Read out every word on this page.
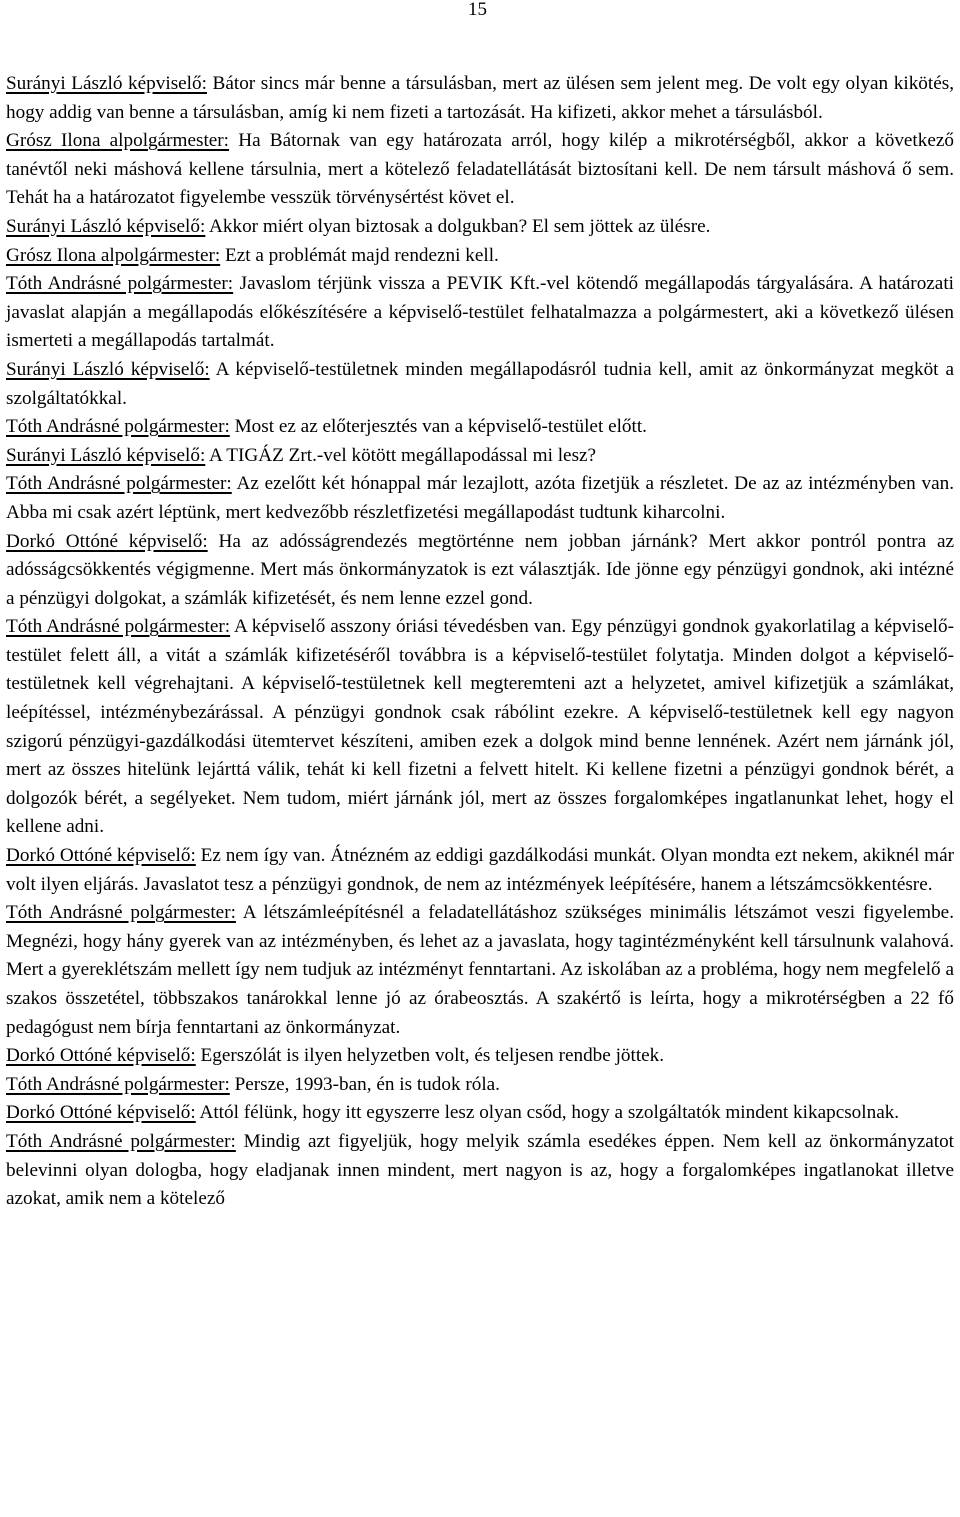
15

Surányi László képviselő: Bátor sincs már benne a társulásban, mert az ülésen sem jelent meg. De volt egy olyan kikötés, hogy addig van benne a társulásban, amíg ki nem fizeti a tartozását. Ha kifizeti, akkor mehet a társulásból.

Grósz Ilona alpolgármester: Ha Bátornak van egy határozata arról, hogy kilép a mikrotérségből, akkor a következő tanévtől neki máshová kellene társulnia, mert a kötelező feladatellátását biztosítani kell. De nem társult máshová ő sem. Tehát ha a határozatot figyelembe vesszük törvénysértést követ el.

Surányi László képviselő: Akkor miért olyan biztosak a dolgukban? El sem jöttek az ülésre.

Grósz Ilona alpolgármester: Ezt a problémát majd rendezni kell.

Tóth Andrásné polgármester: Javaslom térjünk vissza a PEVIK Kft.-vel kötendő megállapodás tárgyalására. A határozati javaslat alapján a megállapodás előkészítésére a képviselő-testület felhatalmazza a polgármestert, aki a következő ülésen ismerteti a megállapodás tartalmát.

Surányi László képviselő: A képviselő-testületnek minden megállapodásról tudnia kell, amit az önkormányzat megköt a szolgáltatókkal.

Tóth Andrásné polgármester: Most ez az előterjesztés van a képviselő-testület előtt.

Surányi László képviselő: A TIGÁZ Zrt.-vel kötött megállapodással mi lesz?

Tóth Andrásné polgármester: Az ezelőtt két hónappal már lezajlott, azóta fizetjük a részletet. De az az intézményben van. Abba mi csak azért léptünk, mert kedvezőbb részletfizetési megállapodást tudtunk kiharcolni.

Dorkó Ottóné képviselő: Ha az adósságrendezés megtörténne nem jobban járnánk? Mert akkor pontról pontra az adósságcsökkentés végigmenne. Mert más önkormányzatok is ezt választják. Ide jönne egy pénzügyi gondnok, aki intézné a pénzügyi dolgokat, a számlák kifizetését, és nem lenne ezzel gond.

Tóth Andrásné polgármester: A képviselő asszony óriási tévedésben van. Egy pénzügyi gondnok gyakorlatilag a képviselő-testület felett áll, a vitát a számlák kifizetéséről továbbra is a képviselő-testület folytatja. Minden dolgot a képviselő-testületnek kell végrehajtani. A képviselő-testületnek kell megteremteni azt a helyzetet, amivel kifizetjük a számlákat, leépítéssel, intézménybezárással. A pénzügyi gondnok csak rábólint ezekre. A képviselő-testületnek kell egy nagyon szigorú pénzügyi-gazdálkodási ütemtervet készíteni, amiben ezek a dolgok mind benne lennének. Azért nem járnánk jól, mert az összes hitelünk lejárttá válik, tehát ki kell fizetni a felvett hitelt. Ki kellene fizetni a pénzügyi gondnok bérét, a dolgozók bérét, a segélyeket. Nem tudom, miért járnánk jól, mert az összes forgalomképes ingatlanunkat lehet, hogy el kellene adni.

Dorkó Ottóné képviselő: Ez nem így van. Átnézném az eddigi gazdálkodási munkát. Olyan mondta ezt nekem, akiknél már volt ilyen eljárás. Javaslatot tesz a pénzügyi gondnok, de nem az intézmények leépítésére, hanem a létszámcsökkentésre.

Tóth Andrásné polgármester: A létszámleépítésnél a feladatellátáshoz szükséges minimális létszámot veszi figyelembe. Megnézi, hogy hány gyerek van az intézményben, és lehet az a javaslata, hogy tagintézményként kell társulnunk valahová. Mert a gyereklétszám mellett így nem tudjuk az intézményt fenntartani. Az iskolában az a probléma, hogy nem megfelelő a szakos összetétel, többszakos tanárokkal lenne jó az órabeosztás. A szakértő is leírta, hogy a mikrotérségben a 22 fő pedagógust nem bírja fenntartani az önkormányzat.

Dorkó Ottóné képviselő: Egerszólát is ilyen helyzetben volt, és teljesen rendbe jöttek.

Tóth Andrásné polgármester: Persze, 1993-ban, én is tudok róla.

Dorkó Ottóné képviselő: Attól félünk, hogy itt egyszerre lesz olyan csőd, hogy a szolgáltatók mindent kikapcsolnak.

Tóth Andrásné polgármester: Mindig azt figyeljük, hogy melyik számla esedékes éppen. Nem kell az önkormányzatot belevinni olyan dologba, hogy eladjanak innen mindent, mert nagyon is az, hogy a forgalomképes ingatlanokat illetve azokat, amik nem a kötelező
